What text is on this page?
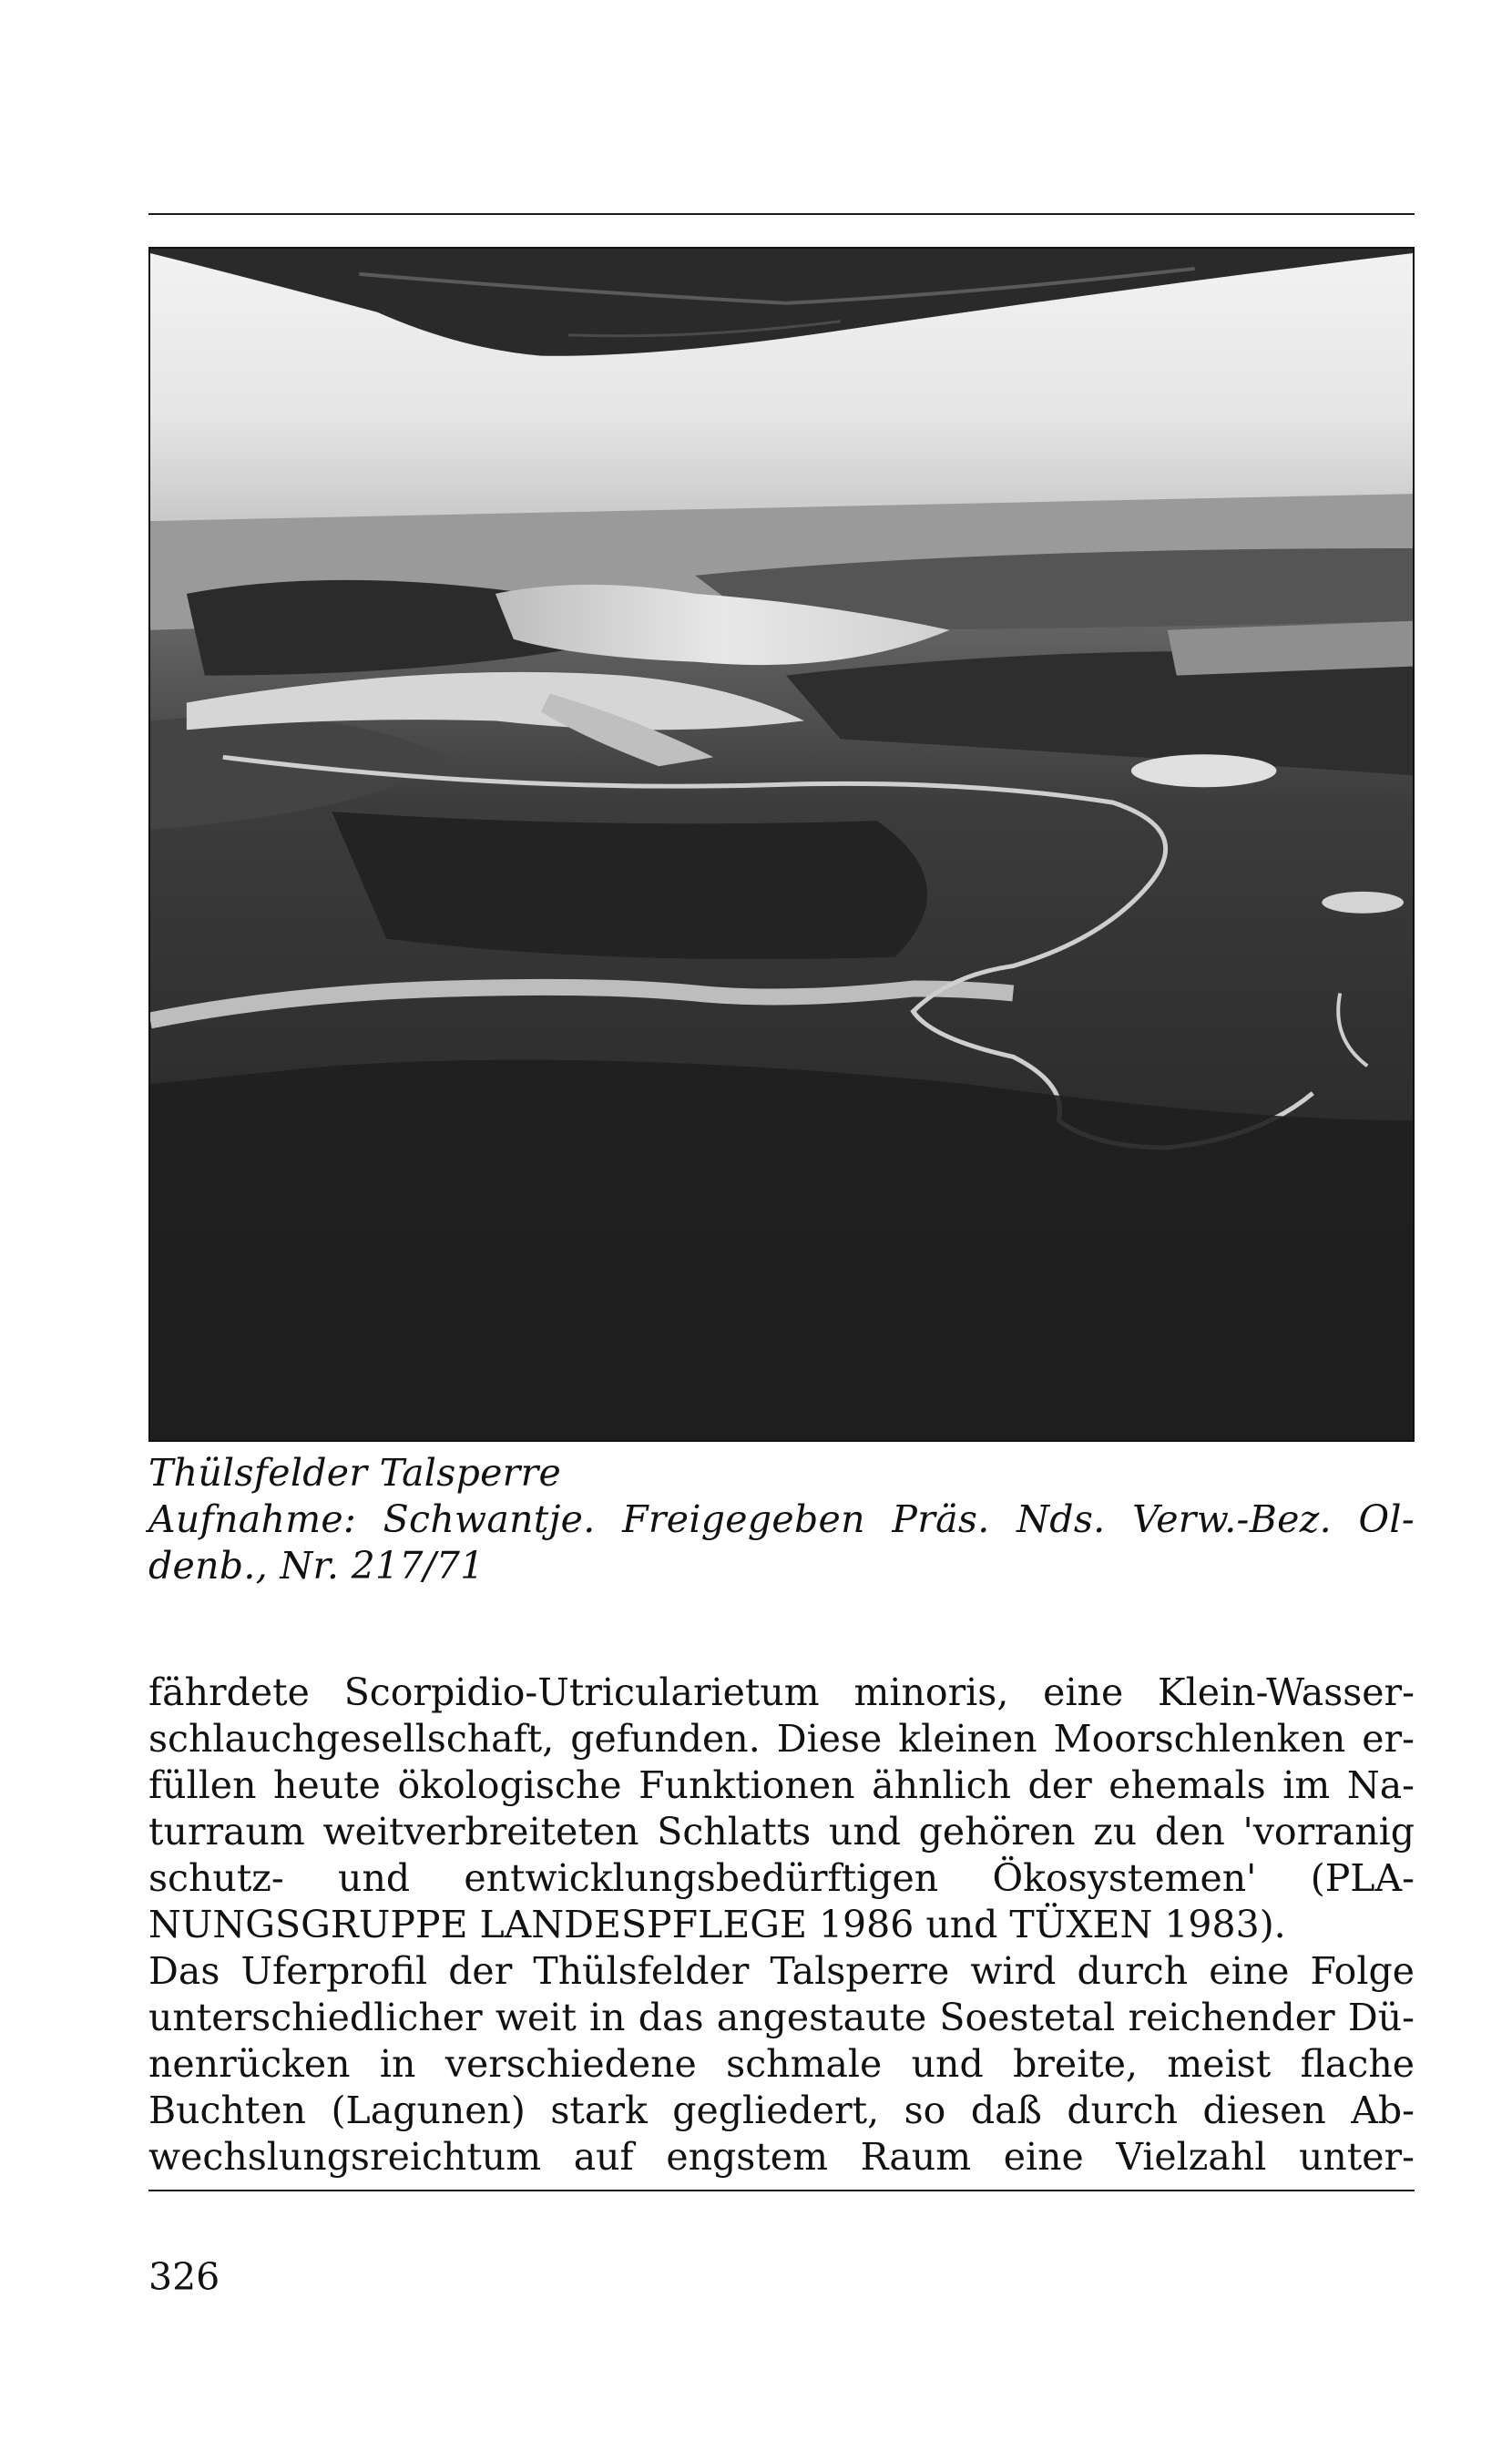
Thülsfelder Talsperre
Aufnahme: Schwantje. Freigegeben Präs. Nds. Verw.-Bez. Ol-
denb., Nr. 217/71
fährdete Scorpidio-Utricularietum minoris, eine Klein-Wasser-
schlauchgesellschaft, gefunden. Diese kleinen Moorschlenken er-
füllen heute ökologische Funktionen ähnlich der ehemals im Na-
turraum weitverbreiteten Schlatts und gehören zu den 'vorranig
schutz- und entwicklungsbedürftigen Ökosystemen' (PLA-
NUNGSGRUPPE LANDESPFLEGE 1986 und TÜXEN 1983).
Das Uferprofil der Thülsfelder Talsperre wird durch eine Folge
unterschiedlicher weit in das angestaute Soestetal reichender Dü-
nenrücken in verschiedene schmale und breite, meist flache
Buchten (Lagunen) stark gegliedert, so daß durch diesen Ab-
wechslungsreichtum auf engstem Raum eine Vielzahl unter-
326
